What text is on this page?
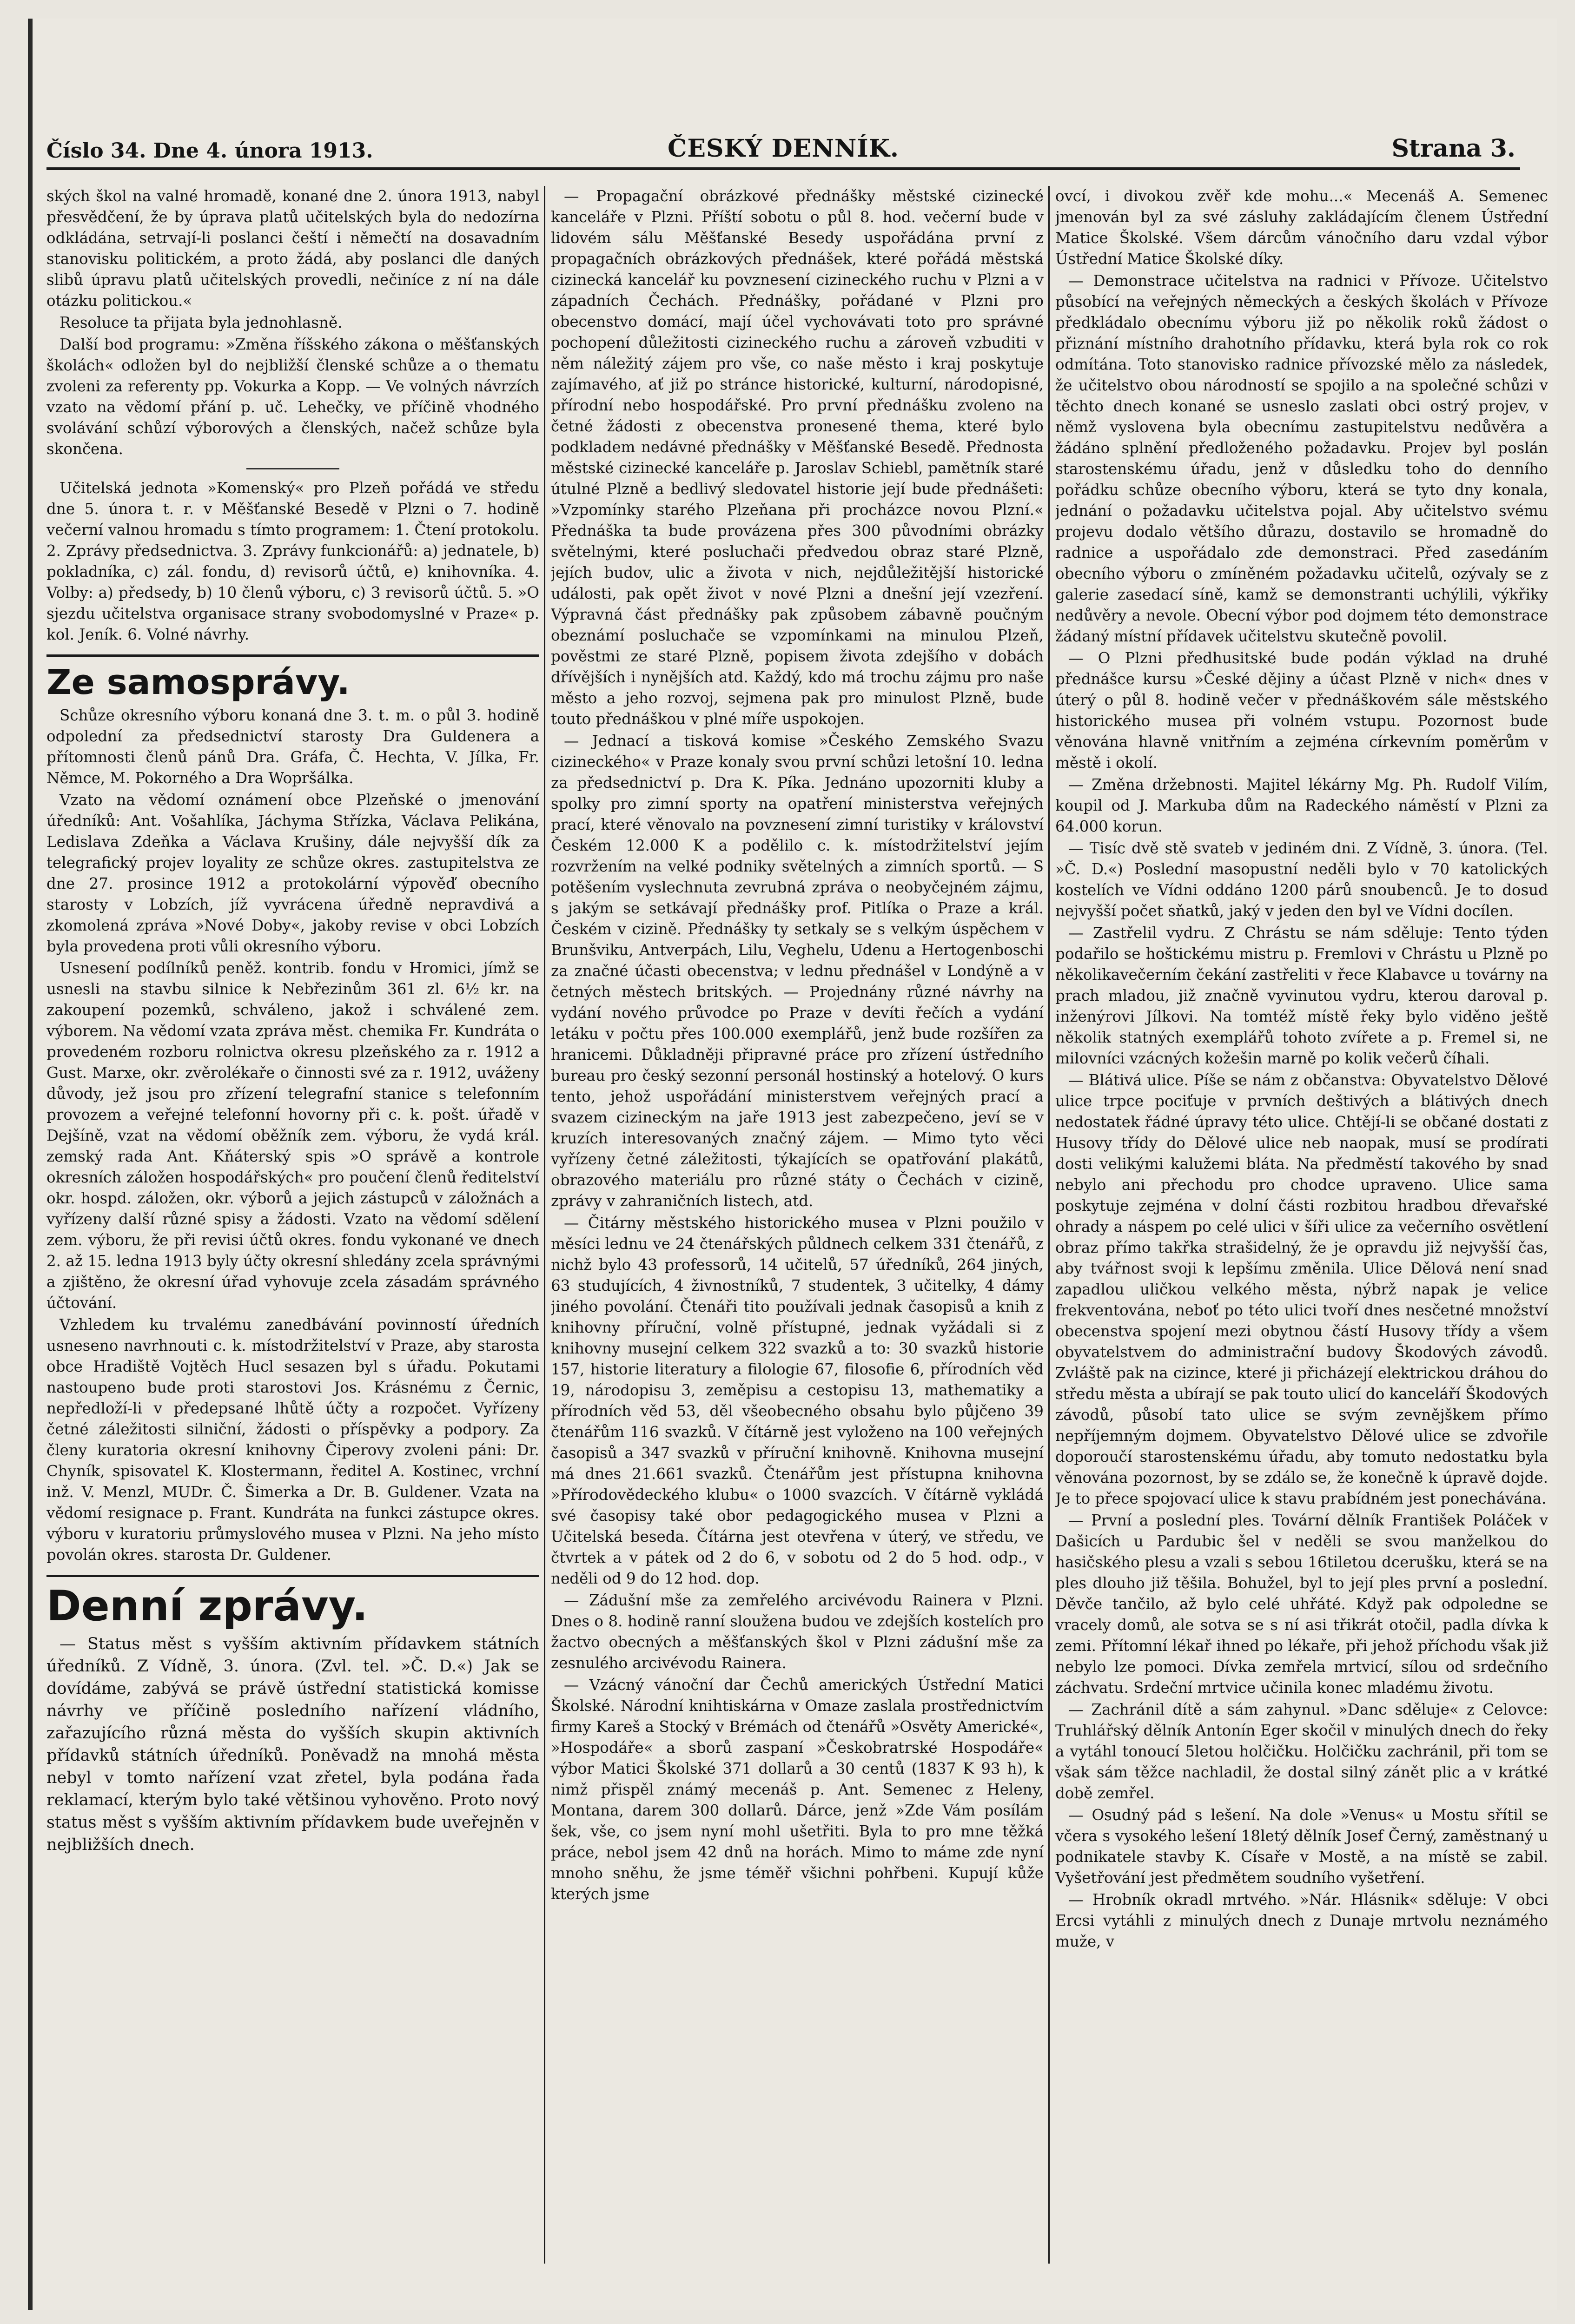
Číslo 34. Dne 4. února 1913.	ČESKÝ DENNÍK.	Strana 3.

ských škol na valné hromadě, konané dne 2. února 1913, nabyl přesvědčení, že by úprava platů učitelských byla do nedozírna odkládána, setrvají-li poslanci čeští i němečtí na dosavadním stanovisku politickém, a proto žádá, aby poslanci dle daných slibů úpravu platů učitelských provedli, nečiníce z ní na dále otázku politickou.«

Resoluce ta přijata byla jednohlasně.

Další bod programu: »Změna říšského zákona o měšťanských školách« odložen byl do nejbližší členské schůze a o thematu zvoleni za referenty pp. Vokurka a Kopp. — Ve volných návrzích vzato na vědomí přání p. uč. Lehečky, ve příčině vhodného svolávání schůzí výborových a členských, načež schůze byla skončena.

Učitelská jednota »Komenský« pro Plzeň pořádá ve středu dne 5. února t. r. v Měšťanské Besedě v Plzni o 7. hodině večerní valnou hromadu s tímto programem: 1. Čtení protokolu. 2. Zprávy předsednictva. 3. Zprávy funkcionářů: a) jednatele, b) pokladníka, c) zál. fondu, d) revisorů účtů, e) knihovníka. 4. Volby: a) předsedy, b) 10 členů výboru, c) 3 revisorů účtů. 5. »O sjezdu učitelstva organisace strany svobodomyslné v Praze« p. kol. Jeník. 6. Volné návrhy.

Ze samosprávy.

Schůze okresního výboru konaná dne 3. t. m. o půl 3. hodině odpolední za předsednictví starosty Dra Guldenera a přítomnosti členů pánů Dra. Gráfa, Č. Hechta, V. Jílka, Fr. Němce, M. Pokorného a Dra Wopršálka.

Vzato na vědomí oznámení obce Plzeňské o jmenování úředníků: Ant. Vošahlíka, Jáchyma Střízka, Václava Pelikána, Ledislava Zdeňka a Václava Krušiny, dále nejvyšší dík za telegrafický projev loyality ze schůze okres. zastupitelstva ze dne 27. prosince 1912 a protokolární výpověď obecního starosty v Lobzích, jíž vyvrácena úředně nepravdivá a zkomolená zpráva »Nové Doby«, jakoby revise v obci Lobzích byla provedena proti vůli okresního výboru.

Usnesení podílníků peněž. kontrib. fondu v Hromici, jímž se usnesli na stavbu silnice k Nebřezinům 361 zl. 6½ kr. na zakoupení pozemků, schváleno, jakož i schválené zem. výborem. Na vědomí vzata zpráva měst. chemika Fr. Kundráta o provedeném rozboru rolnictva okresu plzeňského za r. 1912 a Gust. Marxe, okr. zvěrolékaře o činnosti své za r. 1912, uváženy důvody, jež jsou pro zřízení telegrafní stanice s telefonním provozem a veřejné telefonní hovorny při c. k. pošt. úřadě v Dejšíně, vzat na vědomí oběžník zem. výboru, že vydá král. zemský rada Ant. Kňáterský spis »O správě a kontrole okresních záložen hospodářských« pro poučení členů ředitelství okr. hospd. záložen, okr. výborů a jejich zástupců v záložnách a vyřízeny další různé spisy a žádosti. Vzato na vědomí sdělení zem. výboru, že při revisi účtů okres. fondu vykonané ve dnech 2. až 15. ledna 1913 byly účty okresní shledány zcela správnými a zjištěno, že okresní úřad vyhovuje zcela zásadám správného účtování.

Vzhledem ku trvalému zanedbávání povinností úředních usneseno navrhnouti c. k. místodržitelství v Praze, aby starosta obce Hradiště Vojtěch Hucl sesazen byl s úřadu. Pokutami nastoupeno bude proti starostovi Jos. Krásnému z Černic, nepředloží-li v předepsané lhůtě účty a rozpočet. Vyřízeny četné záležitosti silniční, žádosti o příspěvky a podpory. Za členy kuratoria okresní knihovny Čiperovy zvoleni páni: Dr. Chyník, spisovatel K. Klostermann, ředitel A. Kostinec, vrchní inž. V. Menzl, MUDr. Č. Šimerka a Dr. B. Guldener. Vzata na vědomí resignace p. Frant. Kundráta na funkci zástupce okres. výboru v kuratoriu průmyslového musea v Plzni. Na jeho místo povolán okres. starosta Dr. Guldener.

Denní zprávy.

— Status měst s vyšším aktivním přídavkem státních úředníků. Z Vídně, 3. února. (Zvl. tel. »Č. D.«) Jak se dovídáme, zabývá se právě ústřední statistická komisse návrhy ve příčině posledního nařízení vládního, zařazujícího různá města do vyšších skupin aktivních přídavků státních úředníků. Poněvadž na mnohá města nebyl v tomto nařízení vzat zřetel, byla podána řada reklamací, kterým bylo také většinou vyhověno. Proto nový status měst s vyšším aktivním přídavkem bude uveřejněn v nejbližších dnech.

— Propagační obrázkové přednášky městské cizinecké kanceláře v Plzni. Příští sobotu o půl 8. hod. večerní bude v lidovém sálu Měšťanské Besedy uspořádána první z propagačních obrázkových přednášek, které pořádá městská cizinecká kancelář ku povznesení cizineckého ruchu v Plzni a v západních Čechách. Přednášky, pořádané v Plzni pro obecenstvo domácí, mají účel vychovávati toto pro správné pochopení důležitosti cizineckého ruchu a zároveň vzbuditi v něm náležitý zájem pro vše, co naše město i kraj poskytuje zajímavého, ať již po stránce historické, kulturní, národopisné, přírodní nebo hospodářské. Pro první přednášku zvoleno na četné žádosti z obecenstva pronesené thema, které bylo podkladem nedávné přednášky v Měšťanské Besedě. Přednosta městské cizinecké kanceláře p. Jaroslav Schiebl, pamětník staré útulné Plzně a bedlivý sledovatel historie její bude přednášeti: »Vzpomínky starého Plzeňana při procházce novou Plzní.« Přednáška ta bude provázena přes 300 původními obrázky světelnými, které posluchači předvedou obraz staré Plzně, jejích budov, ulic a života v nich, nejdůležitější historické události, pak opět život v nové Plzni a dnešní její vzezření. Výpravná část přednášky pak způsobem zábavně poučným obeznámí posluchače se vzpomínkami na minulou Plzeň, pověstmi ze staré Plzně, popisem života zdejšího v dobách dřívějších i nynějších atd. Každý, kdo má trochu zájmu pro naše město a jeho rozvoj, sejmena pak pro minulost Plzně, bude touto přednáškou v plné míře uspokojen.

— Jednací a tisková komise »Českého Zemského Svazu cizineckého« v Praze konaly svou první schůzi letošní 10. ledna za předsednictví p. Dra K. Píka. Jednáno upozorniti kluby a spolky pro zimní sporty na opatření ministerstva veřejných prací, které věnovalo na povznesení zimní turistiky v království Českém 12.000 K a podělilo c. k. místodržitelství jejím rozvržením na velké podniky světelných a zimních sportů. — S potěšením vyslechnuta zevrubná zpráva o neobyčejném zájmu, s jakým se setkávají přednášky prof. Pitlíka o Praze a král. Českém v cizině. Přednášky ty setkaly se s velkým úspěchem v Brunšviku, Antverpách, Lilu, Veghelu, Udenu a Hertogenboschi za značné účasti obecenstva; v lednu přednášel v Londýně a v četných městech britských. — Projednány různé návrhy na vydání nového průvodce po Praze v devíti řečích a vydání letáku v počtu přes 100.000 exemplářů, jenž bude rozšířen za hranicemi. Důkladněji připravné práce pro zřízení ústředního bureau pro český sezonní personál hostinský a hotelový. O kurs tento, jehož uspořádání ministerstvem veřejných prací a svazem cizineckým na jaře 1913 jest zabezpečeno, jeví se v kruzích interesovaných značný zájem. — Mimo tyto věci vyřízeny četné záležitosti, týkajících se opatřování plakátů, obrazového materiálu pro různé státy o Čechách v cizině, zprávy v zahraničních listech, atd.

— Čitárny městského historického musea v Plzni použilo v měsíci lednu ve 24 čtenářských půldnech celkem 331 čtenářů, z nichž bylo 43 professorů, 14 učitelů, 57 úředníků, 264 jiných, 63 studujících, 4 živnostníků, 7 studentek, 3 učitelky, 4 dámy jiného povolání. Čtenáři tito používali jednak časopisů a knih z knihovny příruční, volně přístupné, jednak vyžádali si z knihovny musejní celkem 322 svazků a to: 30 svazků historie 157, historie literatury a filologie 67, filosofie 6, přírodních věd 19, národopisu 3, zeměpisu a cestopisu 13, mathematiky a přírodních věd 53, děl všeobecného obsahu bylo půjčeno 39 čtenářům 116 svazků. V čítárně jest vyloženo na 100 veřejných časopisů a 347 svazků v příruční knihovně. Knihovna musejní má dnes 21.661 svazků. Čtenářům jest přístupna knihovna »Přírodovědeckého klubu« o 1000 svazcích. V čítárně vykládá své časopisy také obor pedagogického musea v Plzni a Učitelská beseda. Čítárna jest otevřena v úterý, ve středu, ve čtvrtek a v pátek od 2 do 6, v sobotu od 2 do 5 hod. odp., v neděli od 9 do 12 hod. dop.

— Zádušní mše za zemřelého arcivévodu Rainera v Plzni. Dnes o 8. hodině ranní sloužena budou ve zdejších kostelích pro žactvo obecných a měšťanských škol v Plzni zádušní mše za zesnulého arcivévodu Rainera.

— Vzácný vánoční dar Čechů amerických Ústřední Matici Školské. Národní knihtiskárna v Omaze zaslala prostřednictvím firmy Kareš a Stocký v Brémách od čtenářů »Osvěty Americké«, »Hospodáře« a sborů zaspaní »Českobratrské Hospodáře« výbor Matici Školské 371 dollarů a 30 centů (1837 K 93 h), k nimž přispěl známý mecenáš p. Ant. Semenec z Heleny, Montana, darem 300 dollarů. Dárce, jenž »Zde Vám posílám šek, vše, co jsem nyní mohl ušetřiti. Byla to pro mne těžká práce, nebol jsem 42 dnů na horách. Mimo to máme zde nyní mnoho sněhu, že jsme téměř všichni pohřbeni. Kupují kůže kterých jsme

ovcí, i divokou zvěř kde mohu...« Mecenáš A. Semenec jmenován byl za své zásluhy zakládajícím členem Ústřední Matice Školské. Všem dárcům vánočního daru vzdal výbor Ústřední Matice Školské díky.

— Demonstrace učitelstva na radnici v Přívoze. Učitelstvo působící na veřejných německých a českých školách v Přívoze předkládalo obecnímu výboru již po několik roků žádost o přiznání místního drahotního přídavku, která byla rok co rok odmítána. Toto stanovisko radnice přívozské mělo za následek, že učitelstvo obou národností se spojilo a na společné schůzi v těchto dnech konané se usneslo zaslati obci ostrý projev, v němž vyslovena byla obecnímu zastupitelstvu nedůvěra a žádáno splnění předloženého požadavku. Projev byl poslán starostenskému úřadu, jenž v důsledku toho do denního pořádku schůze obecního výboru, která se tyto dny konala, jednání o požadavku učitelstva pojal. Aby učitelstvo svému projevu dodalo většího důrazu, dostavilo se hromadně do radnice a uspořádalo zde demonstraci. Před zasedáním obecního výboru o zmíněném požadavku učitelů, ozývaly se z galerie zasedací síně, kamž se demonstranti uchýlili, výkřiky nedůvěry a nevole. Obecní výbor pod dojmem této demonstrace žádaný místní přídavek učitelstvu skutečně povolil.

— O Plzni předhusitské bude podán výklad na druhé přednášce kursu »České dějiny a účast Plzně v nich« dnes v úterý o půl 8. hodině večer v přednáškovém sále městského historického musea při volném vstupu. Pozornost bude věnována hlavně vnitřním a zejména církevním poměrům v městě i okolí.

— Změna držebnosti. Majitel lékárny Mg. Ph. Rudolf Vilím, koupil od J. Markuba dům na Radeckého náměstí v Plzni za 64.000 korun.

— Tisíc dvě stě svateb v jediném dni. Z Vídně, 3. února. (Tel. »Č. D.«) Poslední masopustní neděli bylo v 70 katolických kostelích ve Vídni oddáno 1200 párů snoubenců. Je to dosud nejvyšší počet sňatků, jaký v jeden den byl ve Vídni docílen.

— Zastřelil vydru. Z Chrástu se nám sděluje: Tento týden podařilo se hoštickému mistru p. Fremlovi v Chrástu u Plzně po několikavečerním čekání zastřeliti v řece Klabavce u továrny na prach mladou, již značně vyvinutou vydru, kterou daroval p. inženýrovi Jílkovi. Na tomtéž místě řeky bylo viděno ještě několik statných exemplářů tohoto zvířete a p. Fremel si, ne milovníci vzácných kožešin marně po kolik večerů číhali.

— Blátivá ulice. Píše se nám z občanstva: Obyvatelstvo Dělové ulice trpce pociťuje v prvních deštivých a blátivých dnech nedostatek řádné úpravy této ulice. Chtějí-li se občané dostati z Husovy třídy do Dělové ulice neb naopak, musí se prodírati dosti velikými kalužemi bláta. Na předměstí takového by snad nebylo ani přechodu pro chodce upraveno. Ulice sama poskytuje zejména v dolní části rozbitou hradbou dřevařské ohrady a náspem po celé ulici v šíři ulice za večerního osvětlení obraz přímo takřka strašidelný, že je opravdu již nejvyšší čas, aby tvářnost svoji k lepšímu změnila. Ulice Dělová není snad zapadlou uličkou velkého města, nýbrž napak je velice frekventována, neboť po této ulici tvoří dnes nesčetné množství obecenstva spojení mezi obytnou částí Husovy třídy a všem obyvatelstvem do administrační budovy Škodových závodů. Zvláště pak na cizince, které ji přicházejí elektrickou dráhou do středu města a ubírají se pak touto ulicí do kanceláří Škodových závodů, působí tato ulice se svým zevnějškem přímo nepříjemným dojmem. Obyvatelstvo Dělové ulice se zdvořile doporoučí starostenskému úřadu, aby tomuto nedostatku byla věnována pozornost, by se zdálo se, že konečně k úpravě dojde. Je to přece spojovací ulice k stavu prabídném jest ponechávána.

— První a poslední ples. Tovární dělník František Poláček v Dašicích u Pardubic šel v neděli se svou manželkou do hasičského plesu a vzali s sebou 16tiletou dcerušku, která se na ples dlouho již těšila. Bohužel, byl to její ples první a poslední. Děvče tančilo, až bylo celé uhřáté. Když pak odpoledne se vracely domů, ale sotva se s ní asi třikrát otočil, padla dívka k zemi. Přítomní lékař ihned po lékaře, při jehož příchodu však již nebylo lze pomoci. Dívka zemřela mrtvicí, sílou od srdečního záchvatu. Srdeční mrtvice učinila konec mladému životu.

— Zachránil dítě a sám zahynul. »Danc sděluje« z Celovce: Truhlářský dělník Antonín Eger skočil v minulých dnech do řeky a vytáhl tonoucí 5letou holčičku. Holčičku zachránil, při tom se však sám těžce nachladil, že dostal silný zánět plic a v krátké době zemřel.

— Osudný pád s lešení. Na dole »Venus« u Mostu sřítil se včera s vysokého lešení 18letý dělník Josef Černý, zaměstnaný u podnikatele stavby K. Císaře v Mostě, a na místě se zabil. Vyšetřování jest předmětem soudního vyšetření.

— Hrobník okradl mrtvého. »Nár. Hlásnik« sděluje: V obci Ercsi vytáhli z minulých dnech z Dunaje mrtvolu neznámého muže, v
